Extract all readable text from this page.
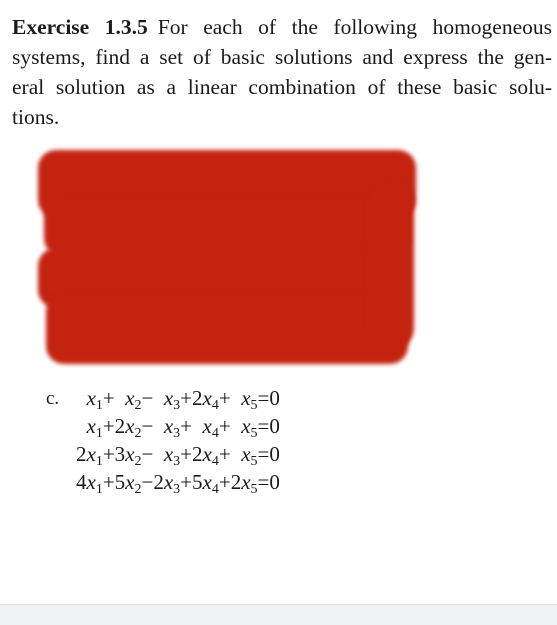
Exercise 1.3.5 For each of the following homogeneous
systems, find a set of basic solutions and express the gen-
eral solution as a linear combination of these basic solu-
tions.
c. $x_1$	+	$x_2$	−	$x_3$	+	$2x_4$	+	$x_5$	=	0
$x_1$	+	$2x_2$	−	$x_3$	+	$x_4$	+	$x_5$	=	0
$2x_1$	+	$3x_2$	−	$x_3$	+	$2x_4$	+	$x_5$	=	0
$4x_1$	+	$5x_2$	−	$2x_3$	+	$5x_4$	+	$2x_5$	=	0
